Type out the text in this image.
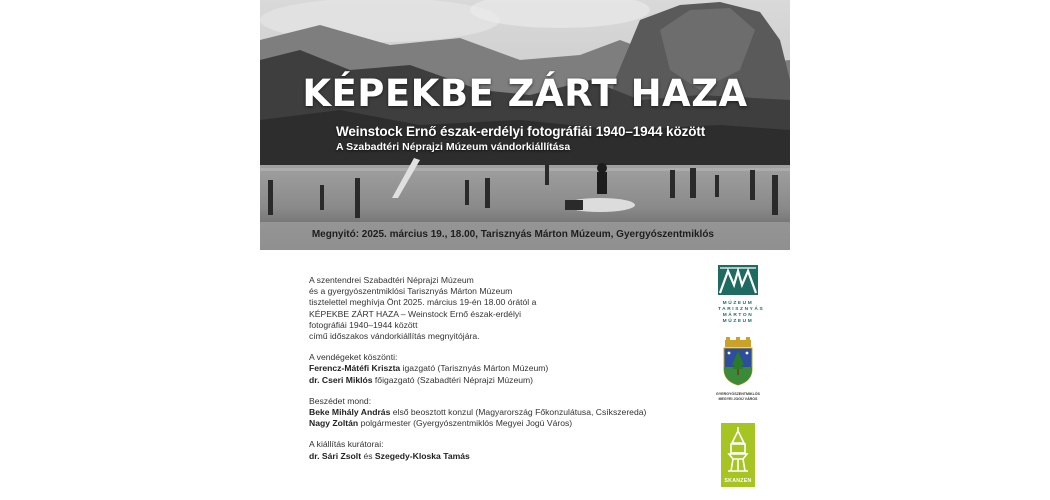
KÉPEKBE ZÁRT HAZA
Weinstock Ernő észak-erdélyi fotográfiái 1940–1944 között
A Szabadtéri Néprajzi Múzeum vándorkiállítása
Megnyitó: 2025. március 19., 18.00, Tarisznyás Márton Múzeum, Gyergyószentmiklós

A szentendrei Szabadtéri Néprajzi Múzeum
és a gyergyószentmiklósi Tarisznyás Márton Múzeum
tisztelettel meghívja Önt 2025. március 19-én 18.00 órától a
KÉPEKBE ZÁRT HAZA – Weinstock Ernő észak-erdélyi
fotográfiái 1940–1944 között
című időszakos vándorkiállítás megnyitójára.

A vendégeket köszönti:
Ferencz-Mátéfi Kriszta igazgató (Tarisznyás Márton Múzeum)
dr. Cseri Miklós főigazgató (Szabadtéri Néprajzi Múzeum)

Beszédet mond:
Beke Mihály András első beosztott konzul (Magyarország Főkonzulátusa, Csíkszereda)
Nagy Zoltán polgármester (Gyergyószentmiklós Megyei Jogú Város)

A kiállítás kurátorai:
dr. Sári Zsolt és Szegedy-Kloska Tamás

MÚZEUM
TARISZNYÁS
MÁRTON
MÚZEUM
GYERGYÓSZENTMIKLÓS
MEGYEI JOGÚ VÁROS
SKANZEN
